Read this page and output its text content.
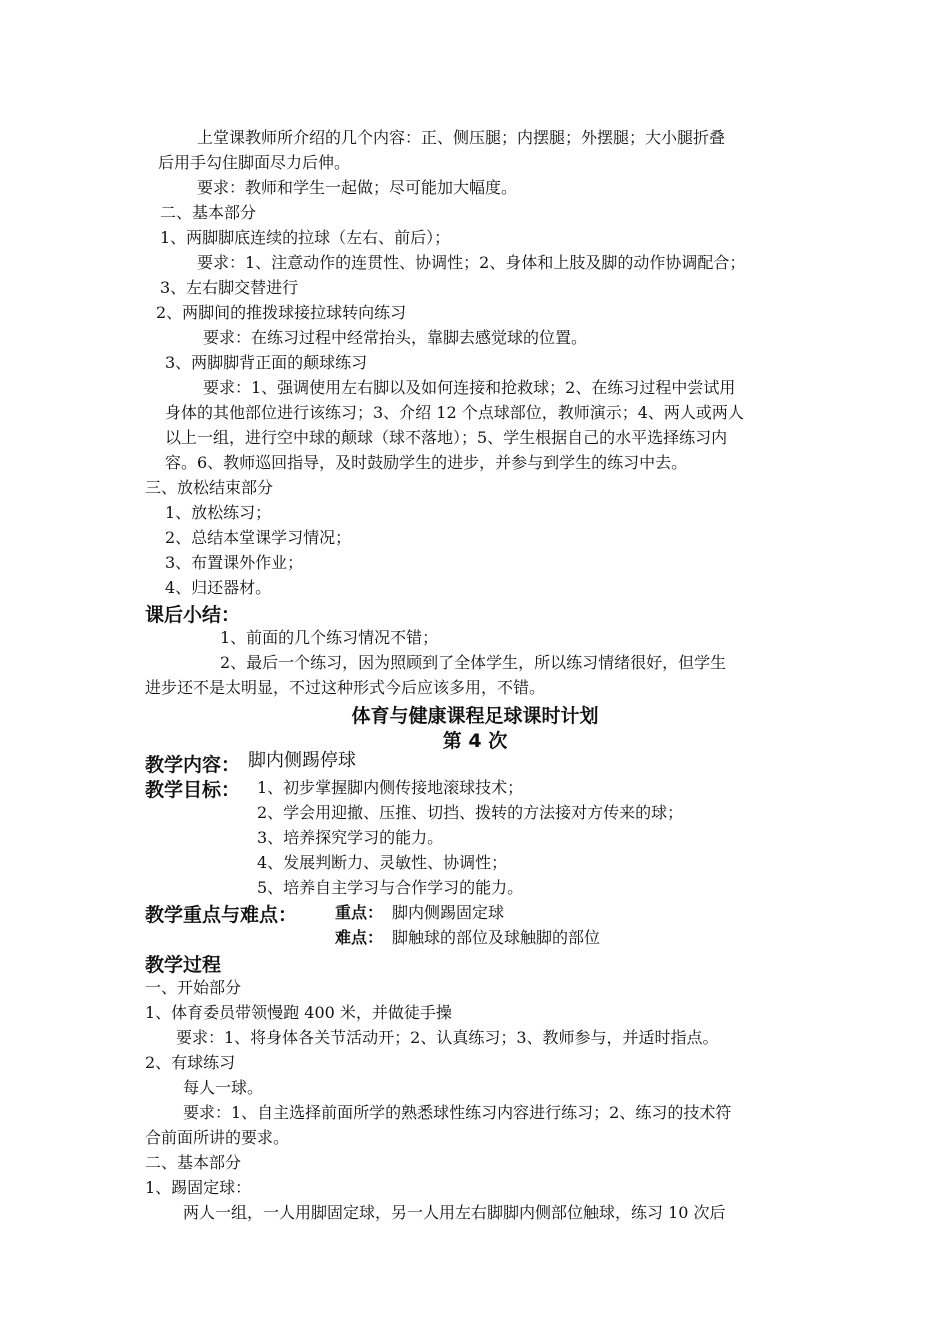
上堂课教师所介绍的几个内容：正、侧压腿；内摆腿；外摆腿；大小腿折叠
后用手勾住脚面尽力后伸。
要求：教师和学生一起做；尽可能加大幅度。
二、基本部分
1、两脚脚底连续的拉球（左右、前后）；
要求：1、注意动作的连贯性、协调性；2、身体和上肢及脚的动作协调配合；
3、左右脚交替进行
2、两脚间的推拨球接拉球转向练习
要求：在练习过程中经常抬头，靠脚去感觉球的位置。
3、两脚脚背正面的颠球练习
要求：1、强调使用左右脚以及如何连接和抢救球；2、在练习过程中尝试用
身体的其他部位进行该练习；3、介绍 12 个点球部位，教师演示；4、两人或两人
以上一组，进行空中球的颠球（球不落地）；5、学生根据自己的水平选择练习内
容。6、教师巡回指导，及时鼓励学生的进步，并参与到学生的练习中去。
三、放松结束部分
1、放松练习；
2、总结本堂课学习情况；
3、布置课外作业；
4、归还器材。
课后小结：
1、前面的几个练习情况不错；
2、最后一个练习，因为照顾到了全体学生，所以练习情绪很好，但学生
进步还不是太明显，不过这种形式今后应该多用，不错。
体育与健康课程足球课时计划
第 4 次
教学内容： 脚内侧踢停球
教学目标： 1、初步掌握脚内侧传接地滚球技术；
2、学会用迎撤、压推、切挡、拨转的方法接对方传来的球；
3、培养探究学习的能力。
4、发展判断力、灵敏性、协调性；
5、培养自主学习与合作学习的能力。
教学重点与难点： 重点： 脚内侧踢固定球
难点： 脚触球的部位及球触脚的部位
教学过程
一、开始部分
1、体育委员带领慢跑 400 米，并做徒手操
要求：1、将身体各关节活动开；2、认真练习；3、教师参与，并适时指点。
2、有球练习
每人一球。
要求：1、自主选择前面所学的熟悉球性练习内容进行练习；2、练习的技术符
合前面所讲的要求。
二、基本部分
1、踢固定球：
两人一组，一人用脚固定球，另一人用左右脚脚内侧部位触球，练习 10 次后
